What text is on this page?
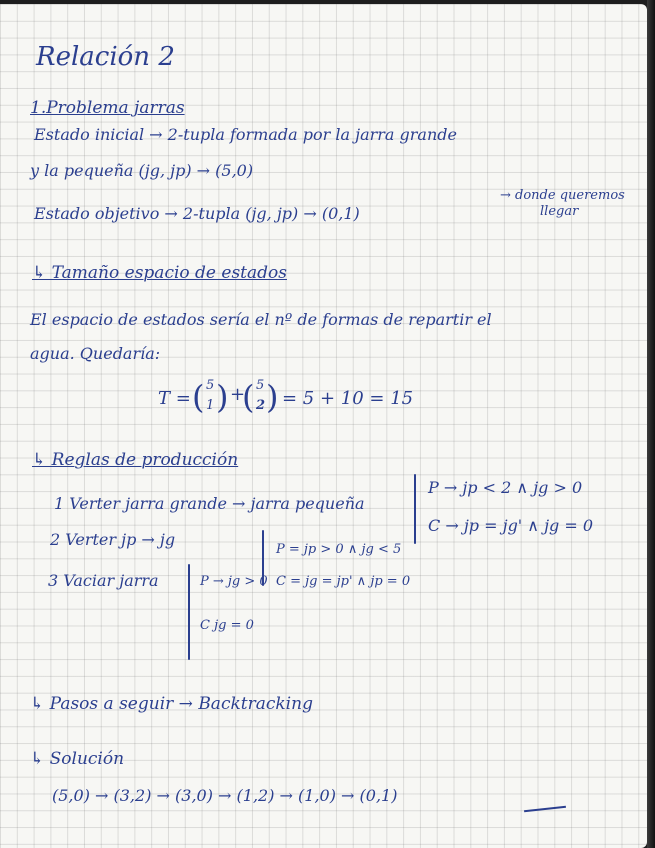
Relación 2
1.Problema jarras
Estado inicial → 2-tupla formada por la jarra grande
y la pequeña (jg, jp) → (5,0)
Estado objetivo → 2-tupla (jg, jp) → (0,1)
→ donde queremos
llegar
↳ Tamaño espacio de estados
El espacio de estados sería el nº de formas de repartir el
agua. Quedaría:
T = ( 5
1 ) +
( 5
2 ) = 5 + 10 = 15
↳ Reglas de producción
1 Verter jarra grande → jarra pequeña
P → jp < 2 ∧ jg > 0
C → jp = jg' ∧ jg = 0
2 Verter jp → jg
P = jp > 0 ∧ jg < 5
C = jg = jp' ∧ jp = 0
3 Vaciar jarra	P → jg > 0
C jg = 0
↳ Pasos a seguir → Backtracking
↳ Solución
(5,0) → (3,2) → (3,0) → (1,2) → (1,0) → (0,1)
